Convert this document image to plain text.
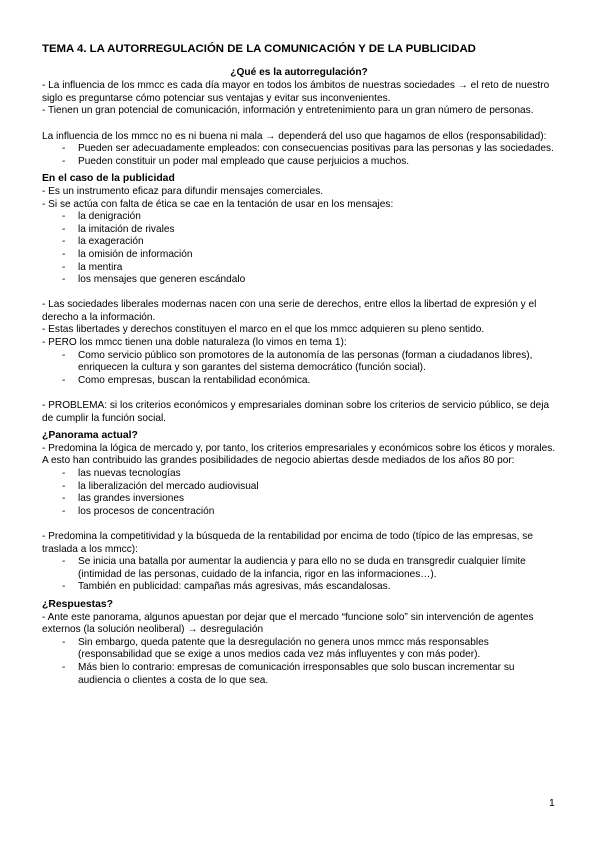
TEMA 4. LA AUTORREGULACIÓN DE LA COMUNICACIÓN Y DE LA PUBLICIDAD
¿Qué es la autorregulación?

- La influencia de los mmcc es cada día mayor en todos los ámbitos de nuestras sociedades → el reto de nuestro siglo es preguntarse cómo potenciar sus ventajas y evitar sus inconvenientes.

- Tienen un gran potencial de comunicación, información y entretenimiento para un gran número de personas.

La influencia de los mmcc no es ni buena ni mala → dependerá del uso que hagamos de ellos (responsabilidad):

- Pueden ser adecuadamente empleados: con consecuencias positivas para las personas y las sociedades.
- Pueden constituir un poder mal empleado que cause perjuicios a muchos.

En el caso de la publicidad

- Es un instrumento eficaz para difundir mensajes comerciales.

- Si se actúa con falta de ética se cae en la tentación de usar en los mensajes:

- la denigración
- la imitación de rivales
- la exageración
- la omisión de información
- la mentira
- los mensajes que generen escándalo

- Las sociedades liberales modernas nacen con una serie de derechos, entre ellos la libertad de expresión y el derecho a la información.

- Estas libertades y derechos constituyen el marco en el que los mmcc adquieren su pleno sentido.

- PERO los mmcc tienen una doble naturaleza (lo vimos en tema 1):

- Como servicio público son promotores de la autonomía de las personas (forman a ciudadanos libres), enriquecen la cultura y son garantes del sistema democrático (función social).
- Como empresas, buscan la rentabilidad económica.

- PROBLEMA: si los criterios económicos y empresariales dominan sobre los criterios de servicio público, se deja de cumplir la función social.

¿Panorama actual?

- Predomina la lógica de mercado y, por tanto, los criterios empresariales y económicos sobre los éticos y morales. A esto han contribuido las grandes posibilidades de negocio abiertas desde mediados de los años 80 por:

- las nuevas tecnologías
- la liberalización del mercado audiovisual
- las grandes inversiones
- los procesos de concentración

- Predomina la competitividad y la búsqueda de la rentabilidad por encima de todo (típico de las empresas, se traslada a los mmcc):

- Se inicia una batalla por aumentar la audiencia y para ello no se duda en transgredir cualquier límite (intimidad de las personas, cuidado de la infancia, rigor en las informaciones…).
- También en publicidad: campañas más agresivas, más escandalosas.

¿Respuestas?

- Ante este panorama, algunos apuestan por dejar que el mercado “funcione solo” sin intervención de agentes externos (la solución neoliberal) → desregulación

- Sin embargo, queda patente que la desregulación no genera unos mmcc más responsables (responsabilidad que se exige a unos medios cada vez más influyentes y con más poder).
- Más bien lo contrario: empresas de comunicación irresponsables que solo buscan incrementar su audiencia o clientes a costa de lo que sea.
1
